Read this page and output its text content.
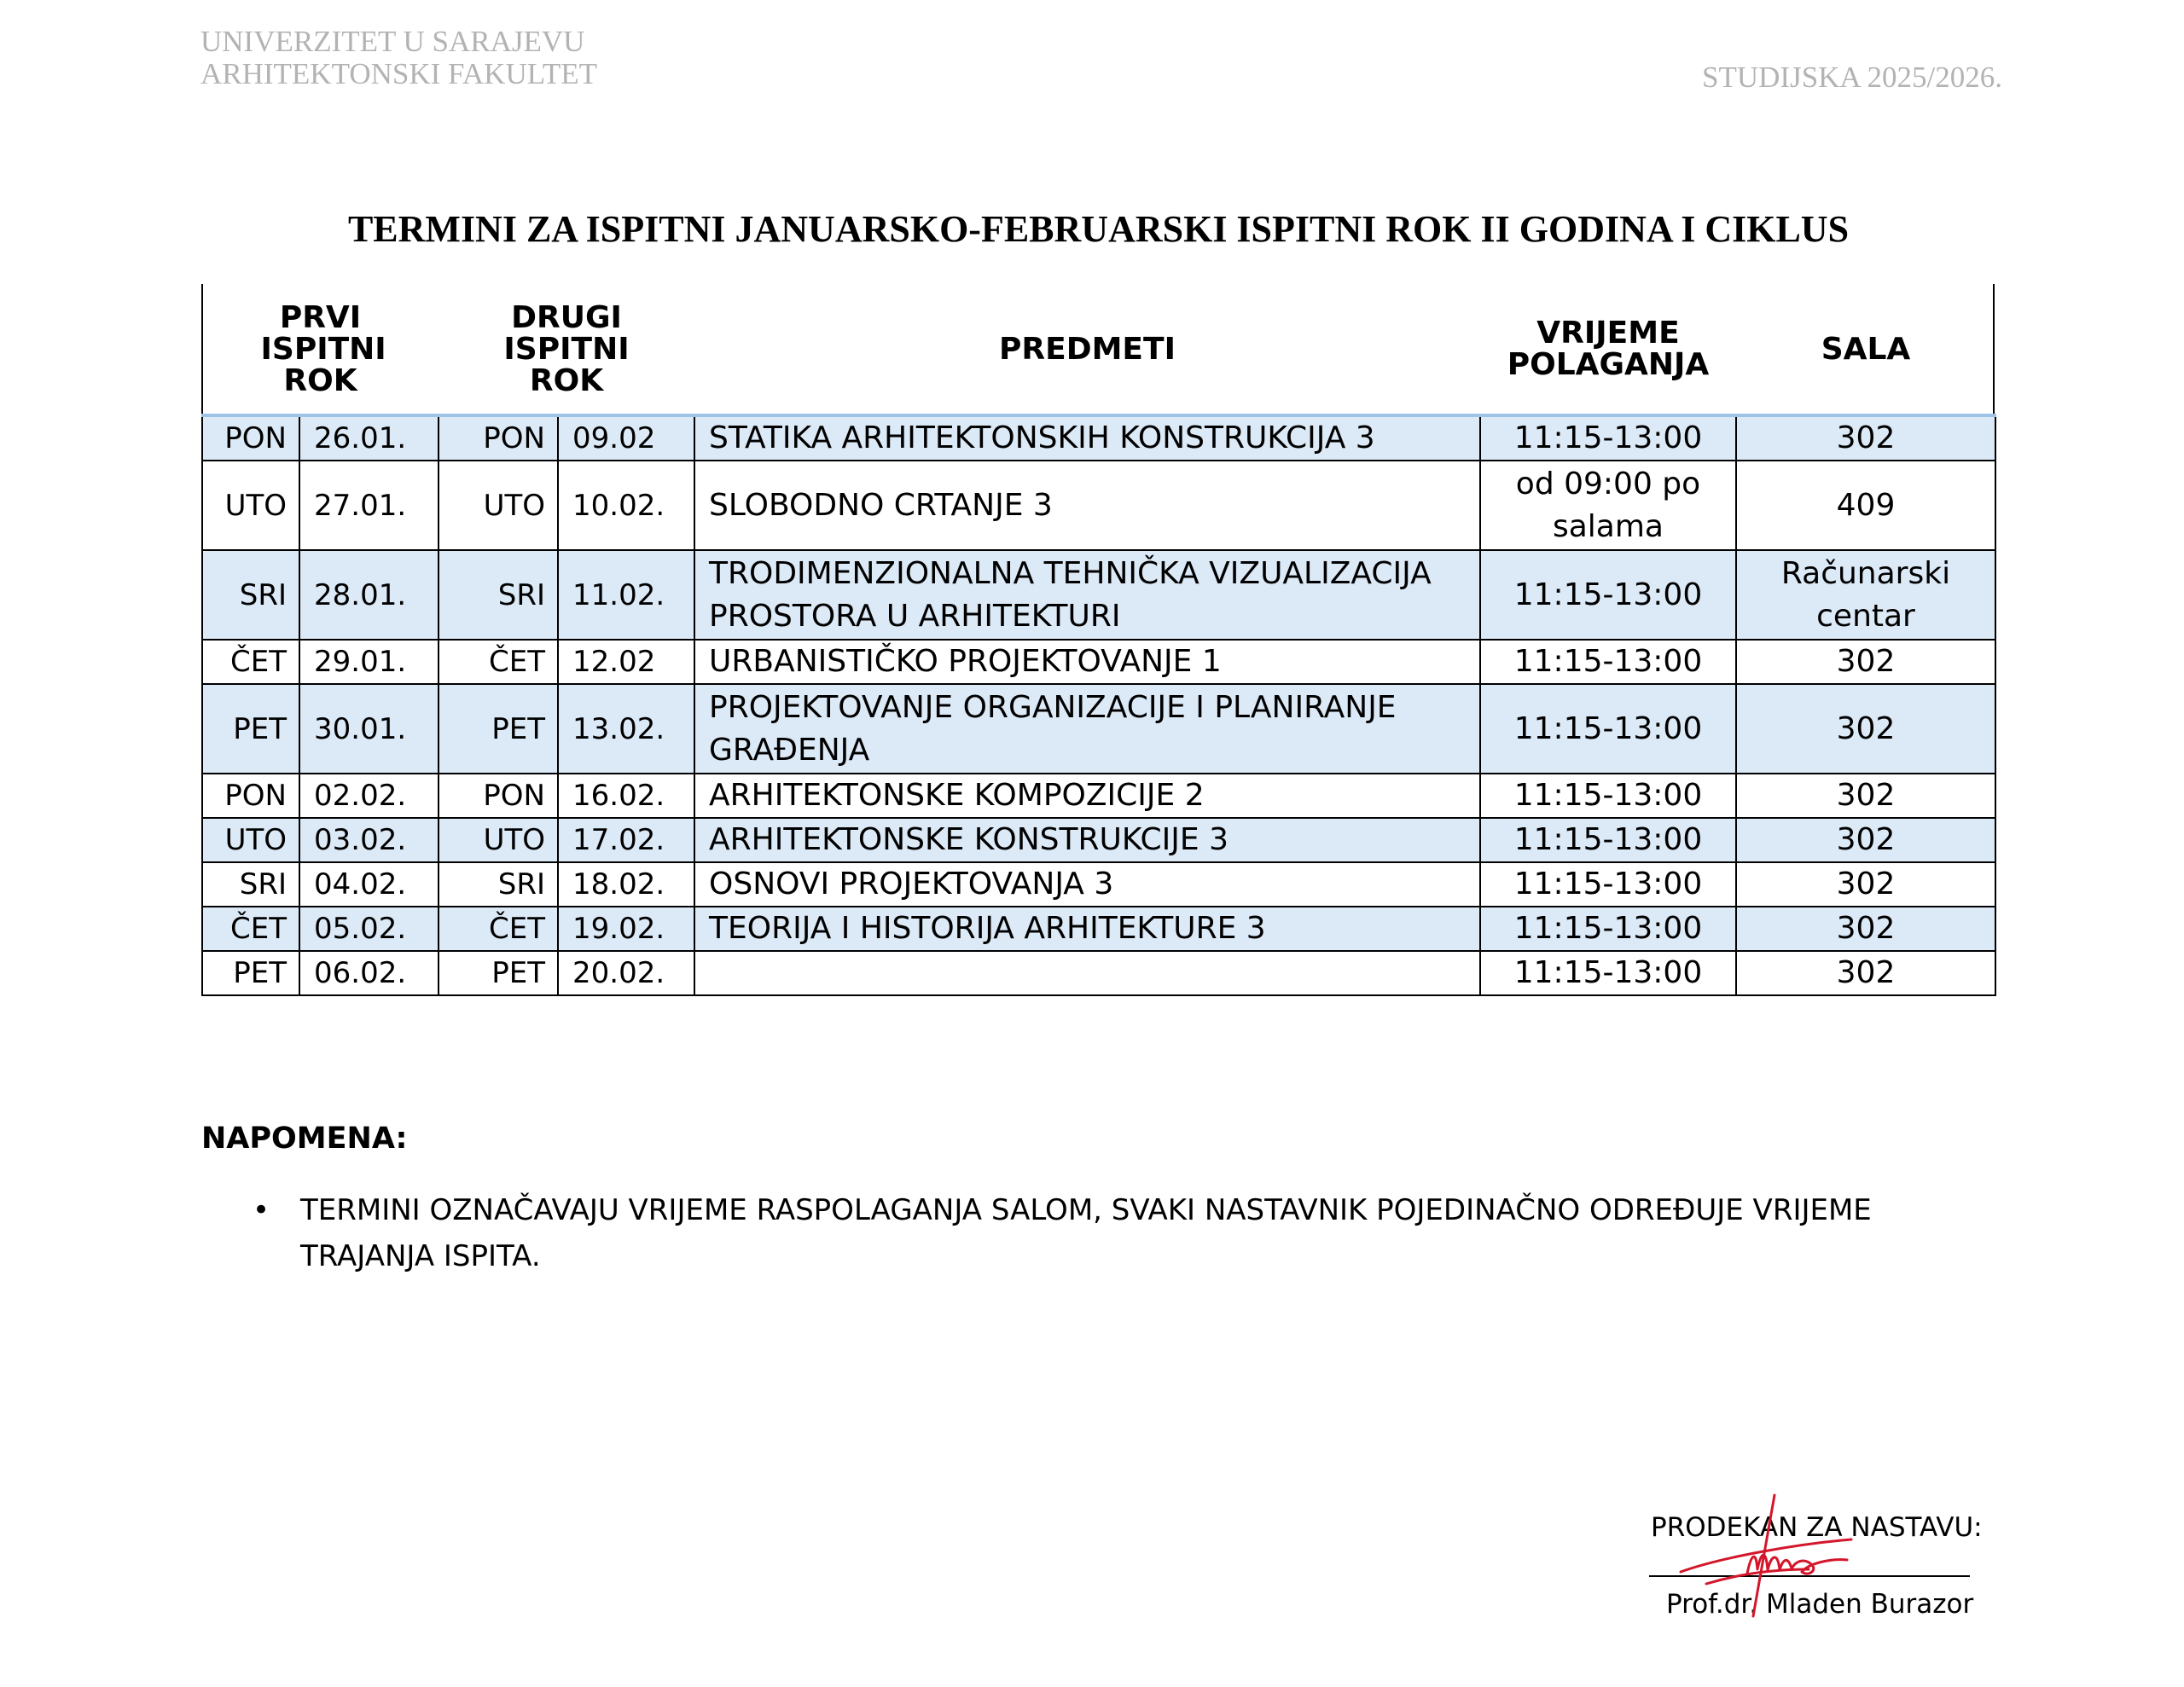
UNIVERZITET U SARAJEVU
ARHITEKTONSKI FAKULTET	STUDIJSKA 2025/2026.
TERMINI ZA ISPITNI JANUARSKO-FEBRUARSKI ISPITNI ROK II GODINA I CIKLUS
PRVI ISPITNI ROK		DRUGI ISPITNI ROK		PREDMETI	VRIJEME POLAGANJA	SALA
PON	26.01.	PON	09.02	STATIKA ARHITEKTONSKIH KONSTRUKCIJA 3	11:15-13:00	302
UTO	27.01.	UTO	10.02.	SLOBODNO CRTANJE 3	od 09:00 po salama	409
SRI	28.01.	SRI	11.02.	TRODIMENZIONALNA TEHNIČKA VIZUALIZACIJA PROSTORA U ARHITEKTURI	11:15-13:00	Računarski centar
ČET	29.01.	ČET	12.02	URBANISTIČKO PROJEKTOVANJE 1	11:15-13:00	302
PET	30.01.	PET	13.02.	PROJEKTOVANJE ORGANIZACIJE I PLANIRANJE GRAĐENJA	11:15-13:00	302
PON	02.02.	PON	16.02.	ARHITEKTONSKE KOMPOZICIJE 2	11:15-13:00	302
UTO	03.02.	UTO	17.02.	ARHITEKTONSKE KONSTRUKCIJE 3	11:15-13:00	302
SRI	04.02.	SRI	18.02.	OSNOVI PROJEKTOVANJA 3	11:15-13:00	302
ČET	05.02.	ČET	19.02.	TEORIJA I HISTORIJA ARHITEKTURE 3	11:15-13:00	302
PET	06.02.	PET	20.02.		11:15-13:00	302
NAPOMENA:
• TERMINI OZNAČAVAJU VRIJEME RASPOLAGANJA SALOM, SVAKI NASTAVNIK POJEDINAČNO ODREĐUJE VRIJEME TRAJANJA ISPITA.
PRODEKAN ZA NASTAVU:
Prof.dr. Mladen Burazor
